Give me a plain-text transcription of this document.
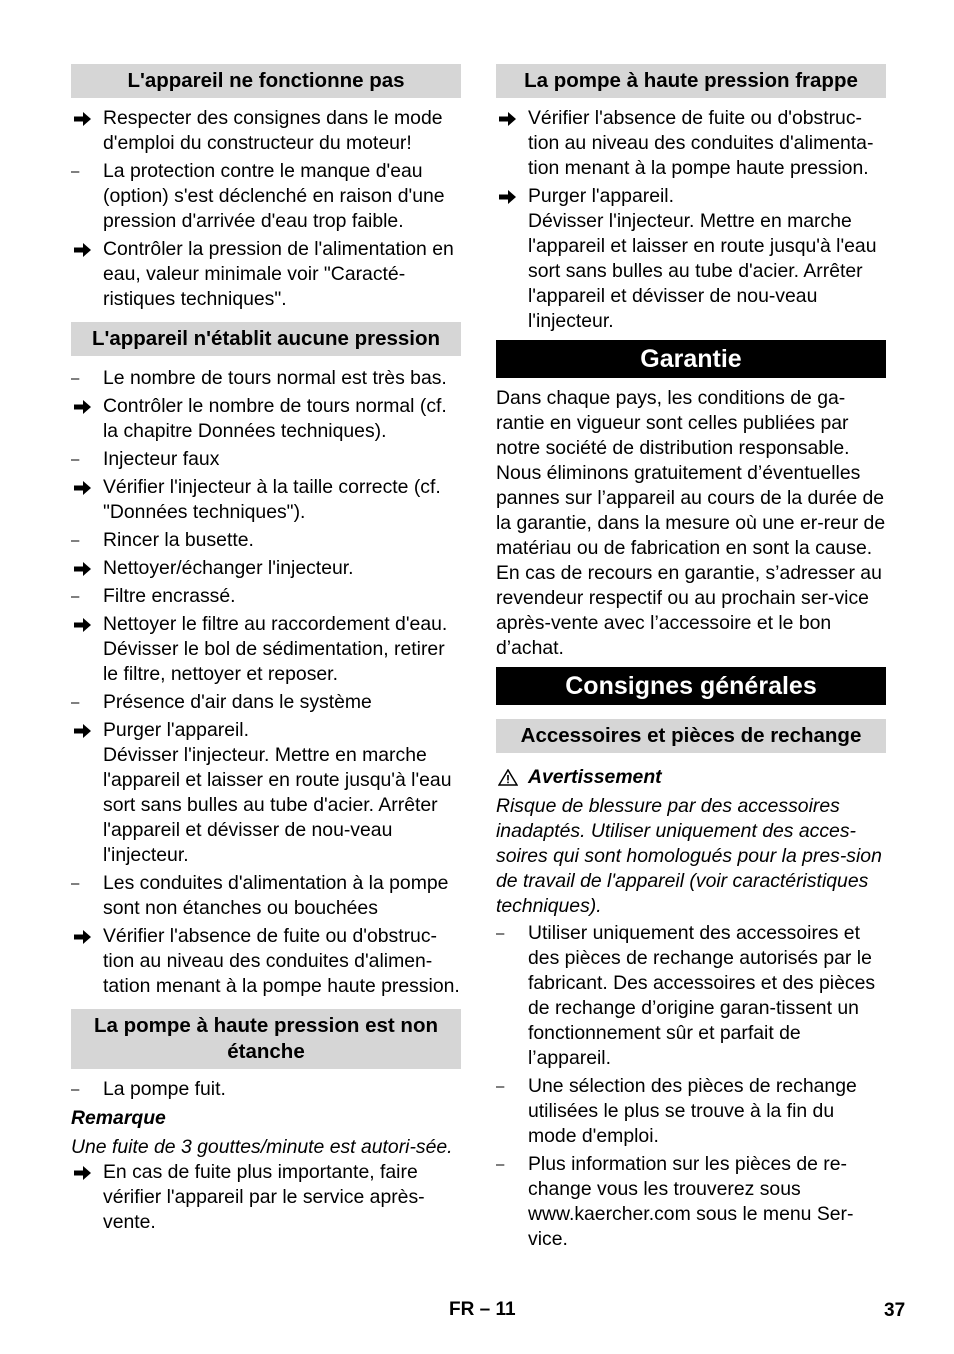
L'appareil ne fonctionne pas
Respecter des consignes dans le mode d'emploi du constructeur du moteur!
–	La protection contre le manque d'eau (option) s'est déclenché en raison d'une pression d'arrivée d'eau trop faible.
Contrôler la pression de l'alimentation en eau, valeur minimale voir "Caracté-ristiques techniques".
L'appareil n'établit aucune pression
–	Le nombre de tours normal est très bas.
Contrôler le nombre de tours normal (cf. la chapitre Données techniques).
–	Injecteur faux
Vérifier l'injecteur à la taille correcte (cf. "Données techniques").
–	Rincer la busette.
Nettoyer/échanger l'injecteur.
–	Filtre encrassé.
Nettoyer le filtre au raccordement d'eau.
Dévisser le bol de sédimentation, retirer le filtre, nettoyer et reposer.
–	Présence d'air dans le système
Purger l'appareil.
Dévisser l'injecteur. Mettre en marche l'appareil et laisser en route jusqu'à l'eau sort sans bulles au tube d'acier. Arrêter l'appareil et dévisser de nou-veau l'injecteur.
–	Les conduites d'alimentation à la pompe sont non étanches ou bouchées
Vérifier l'absence de fuite ou d'obstruc-tion au niveau des conduites d'alimen-tation menant à la pompe haute pression.
La pompe à haute pression est non étanche
–	La pompe fuit.
Remarque
Une fuite de 3 gouttes/minute est autori-sée.
En cas de fuite plus importante, faire vérifier l'appareil par le service après-vente.
La pompe à haute pression frappe
Vérifier l'absence de fuite ou d'obstruc-tion au niveau des conduites d'alimenta-tion menant à la pompe haute pression.
Purger l'appareil.
Dévisser l'injecteur. Mettre en marche l'appareil et laisser en route jusqu'à l'eau sort sans bulles au tube d'acier. Arrêter l'appareil et dévisser de nou-veau l'injecteur.
Garantie
Dans chaque pays, les conditions de ga-rantie en vigueur sont celles publiées par notre société de distribution responsable. Nous éliminons gratuitement d’éventuelles pannes sur l’appareil au cours de la durée de la garantie, dans la mesure où une er-reur de matériau ou de fabrication en sont la cause.
En cas de recours en garantie, s’adresser au revendeur respectif ou au prochain ser-vice après-vente avec l’accessoire et le bon d’achat.
Consignes générales
Accessoires et pièces de rechange
Avertissement
Risque de blessure par des accessoires inadaptés. Utiliser uniquement des acces-soires qui sont homologués pour la pres-sion de travail de l'appareil (voir caractéristiques techniques).
–	Utiliser uniquement des accessoires et des pièces de rechange autorisés par le fabricant. Des accessoires et des pièces de rechange d’origine garan-tissent un fonctionnement sûr et parfait de l’appareil.
–	Une sélection des pièces de rechange utilisées le plus se trouve à la fin du mode d'emploi.
–	Plus information sur les pièces de re-change vous les trouverez sous www.kaercher.com sous le menu Ser-vice.
FR – 11	37
